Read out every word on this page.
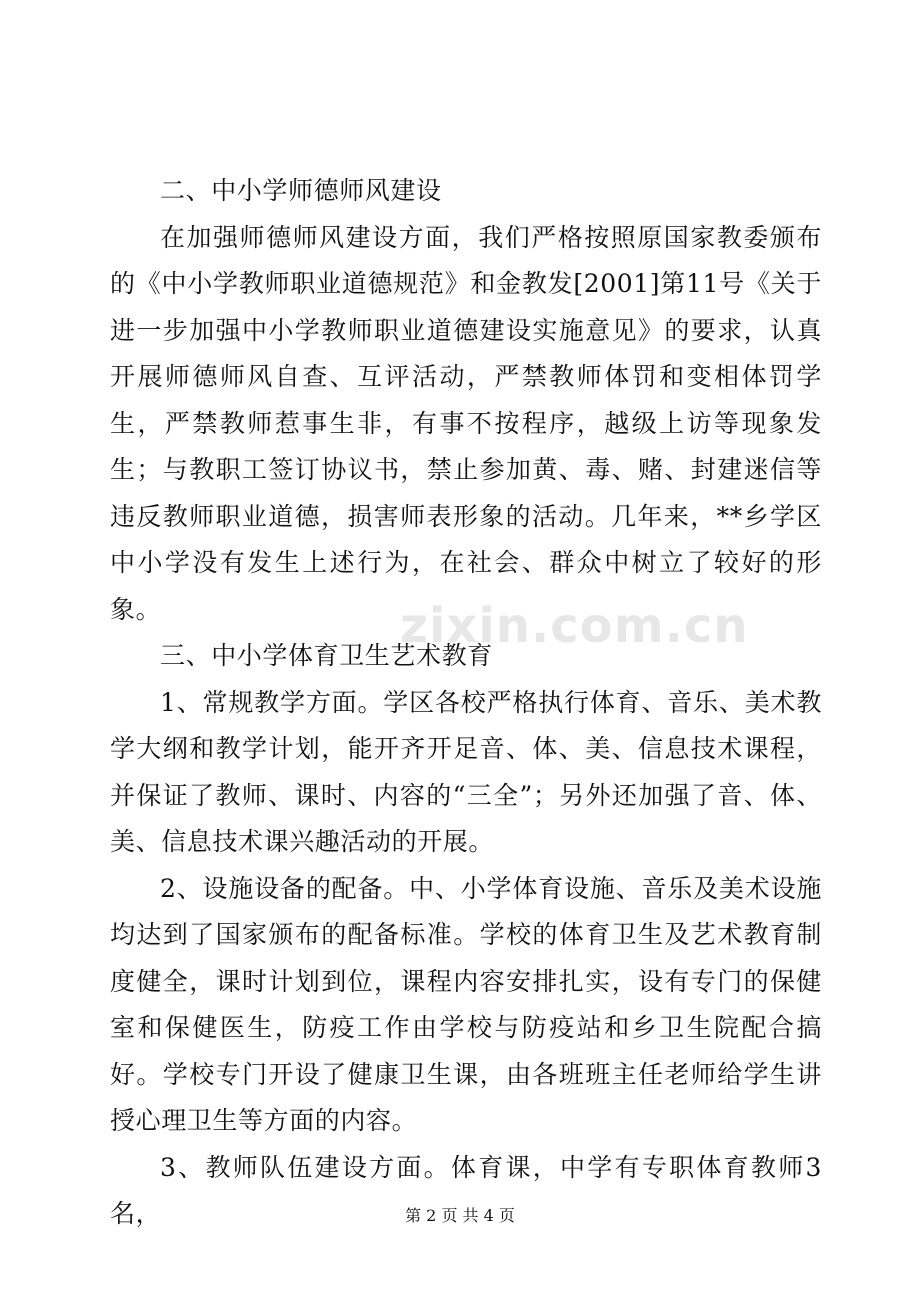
二、中小学师德师风建设

在加强师德师风建设方面，我们严格按照原国家教委颁布的《中小学教师职业道德规范》和金教发[2001]第11号《关于进一步加强中小学教师职业道德建设实施意见》的要求，认真开展师德师风自查、互评活动，严禁教师体罚和变相体罚学生，严禁教师惹事生非，有事不按程序，越级上访等现象发生；与教职工签订协议书，禁止参加黄、毒、赌、封建迷信等违反教师职业道德，损害师表形象的活动。几年来，**乡学区中小学没有发生上述行为，在社会、群众中树立了较好的形象。

三、中小学体育卫生艺术教育

1、常规教学方面。学区各校严格执行体育、音乐、美术教学大纲和教学计划，能开齐开足音、体、美、信息技术课程，并保证了教师、课时、内容的“三全”；另外还加强了音、体、美、信息技术课兴趣活动的开展。

2、设施设备的配备。中、小学体育设施、音乐及美术设施均达到了国家颁布的配备标准。学校的体育卫生及艺术教育制度健全，课时计划到位，课程内容安排扎实，设有专门的保健室和保健医生，防疫工作由学校与防疫站和乡卫生院配合搞好。学校专门开设了健康卫生课，由各班班主任老师给学生讲授心理卫生等方面的内容。

3、教师队伍建设方面。体育课，中学有专职体育教师3名，

zixin.com.cn
第 2 页 共 4 页
